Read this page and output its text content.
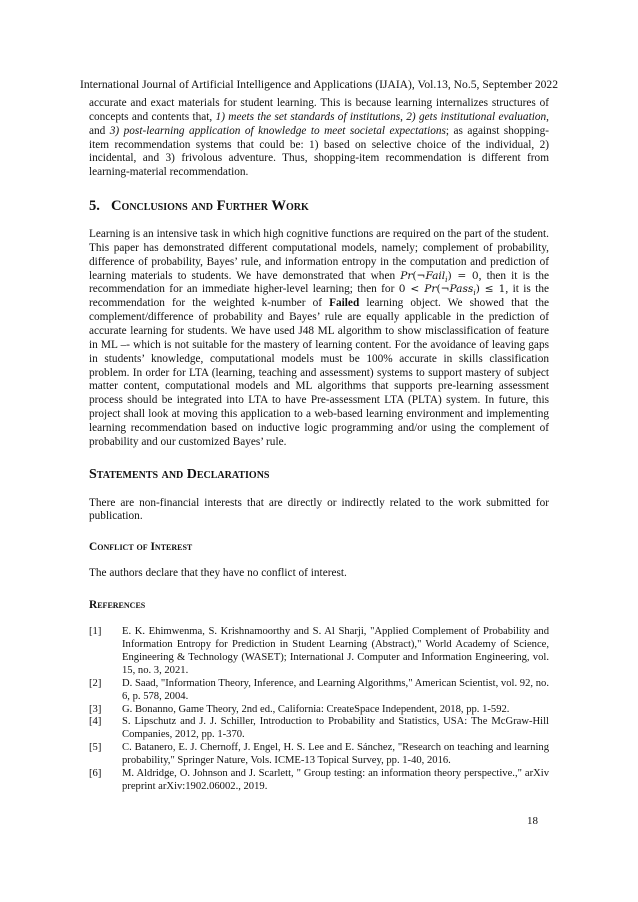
International Journal of Artificial Intelligence and Applications (IJAIA), Vol.13, No.5, September 2022

accurate and exact materials for student learning. This is because learning internalizes structures of concepts and contents that, 1) meets the set standards of institutions, 2) gets institutional evaluation, and 3) post-learning application of knowledge to meet societal expectations; as against shopping-item recommendation systems that could be: 1) based on selective choice of the individual, 2) incidental, and 3) frivolous adventure. Thus, shopping-item recommendation is different from learning-material recommendation.

5. Conclusions and Further Work

Learning is an intensive task in which high cognitive functions are required on the part of the student. This paper has demonstrated different computational models, namely; complement of probability, difference of probability, Bayes’ rule, and information entropy in the computation and prediction of learning materials to students. We have demonstrated that when Pr(¬Fail$_i$) = 0, then it is the recommendation for an immediate higher-level learning; then for 0 < Pr(¬Pass$_i$) ≤ 1, it is the recommendation for the weighted k-number of Failed learning object. We showed that the complement/difference of probability and Bayes’ rule are equally applicable in the prediction of accurate learning for students. We have used J48 ML algorithm to show misclassification of feature in ML –- which is not suitable for the mastery of learning content. For the avoidance of leaving gaps in students’ knowledge, computational models must be 100% accurate in skills classification problem. In order for LTA (learning, teaching and assessment) systems to support mastery of subject matter content, computational models and ML algorithms that supports pre-learning assessment process should be integrated into LTA to have Pre-assessment LTA (PLTA) system. In future, this project shall look at moving this application to a web-based learning environment and implementing learning recommendation based on inductive logic programming and/or using the complement of probability and our customized Bayes’ rule.

Statements and Declarations

There are non-financial interests that are directly or indirectly related to the work submitted for publication.

Conflict of Interest

The authors declare that they have no conflict of interest.

References
[1] E. K. Ehimwenma, S. Krishnamoorthy and S. Al Sharji, "Applied Complement of Probability and Information Entropy for Prediction in Student Learning (Abstract)," World Academy of Science, Engineering & Technology (WASET); International J. Computer and Information Engineering, vol. 15, no. 3, 2021.
[2] D. Saad, "Information Theory, Inference, and Learning Algorithms," American Scientist, vol. 92, no. 6, p. 578, 2004.
[3] G. Bonanno, Game Theory, 2nd ed., California: CreateSpace Independent, 2018, pp. 1-592.
[4] S. Lipschutz and J. J. Schiller, Introduction to Probability and Statistics, USA: The McGraw-Hill Companies, 2012, pp. 1-370.
[5] C. Batanero, E. J. Chernoff, J. Engel, H. S. Lee and E. Sánchez, "Research on teaching and learning probability," Springer Nature, Vols. ICME-13 Topical Survey, pp. 1-40, 2016.
[6] M. Aldridge, O. Johnson and J. Scarlett, " Group testing: an information theory perspective.," arXiv preprint arXiv:1902.06002., 2019.
18
